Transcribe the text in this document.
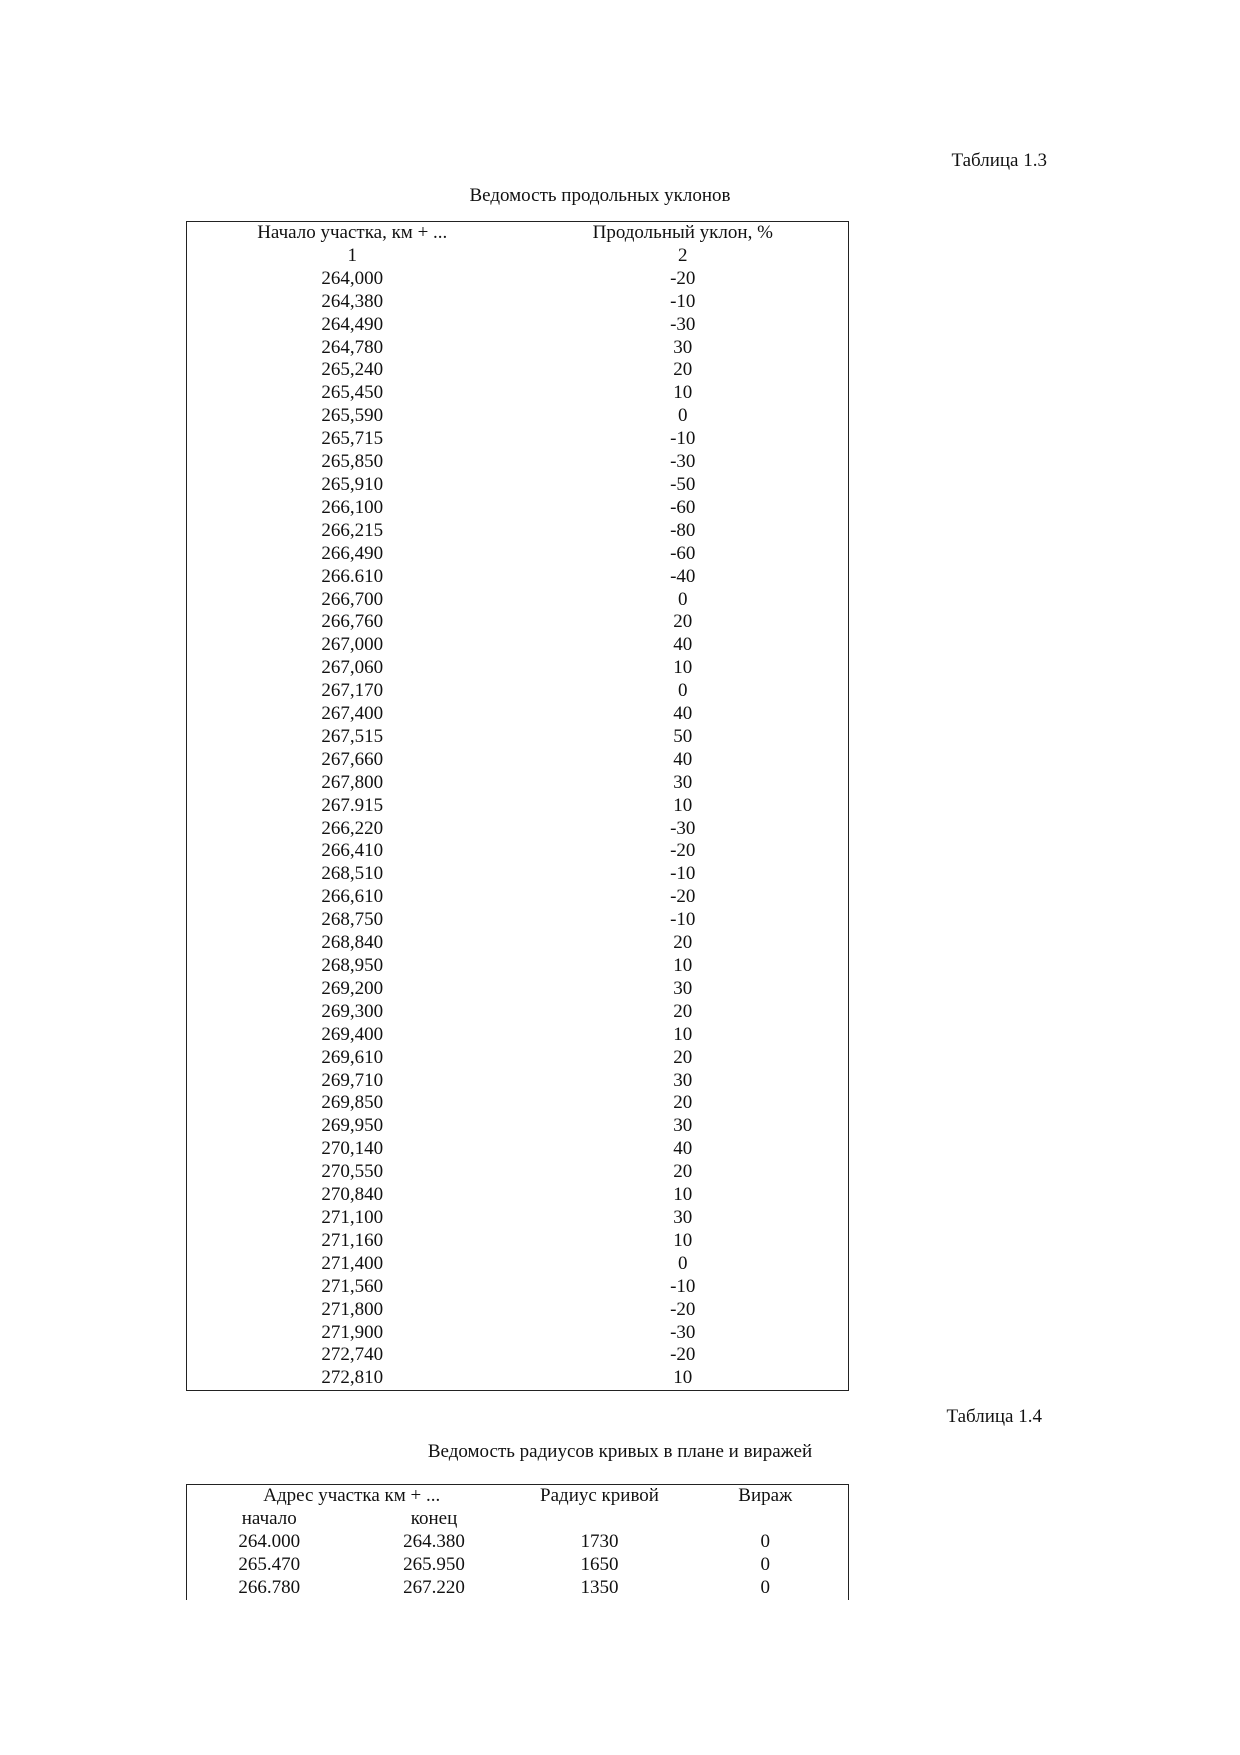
Таблица 1.3
Ведомость продольных уклонов
Начало участка, км + ...	Продольный уклон, %
1	2
264,000	-20
264,380	-10
264,490	-30
264,780	30
265,240	20
265,450	10
265,590	0
265,715	-10
265,850	-30
265,910	-50
266,100	-60
266,215	-80
266,490	-60
266.610	-40
266,700	0
266,760	20
267,000	40
267,060	10
267,170	0
267,400	40
267,515	50
267,660	40
267,800	30
267.915	10
266,220	-30
266,410	-20
268,510	-10
266,610	-20
268,750	-10
268,840	20
268,950	10
269,200	30
269,300	20
269,400	10
269,610	20
269,710	30
269,850	20
269,950	30
270,140	40
270,550	20
270,840	10
271,100	30
271,160	10
271,400	0
271,560	-10
271,800	-20
271,900	-30
272,740	-20
272,810	10
Таблица 1.4
Ведомость радиусов кривых в плане и виражей
Адрес участка км + ...		Радиус кривой	Вираж
начало	конец		
264.000	264.380	1730	0
265.470	265.950	1650	0
266.780	267.220	1350	0
